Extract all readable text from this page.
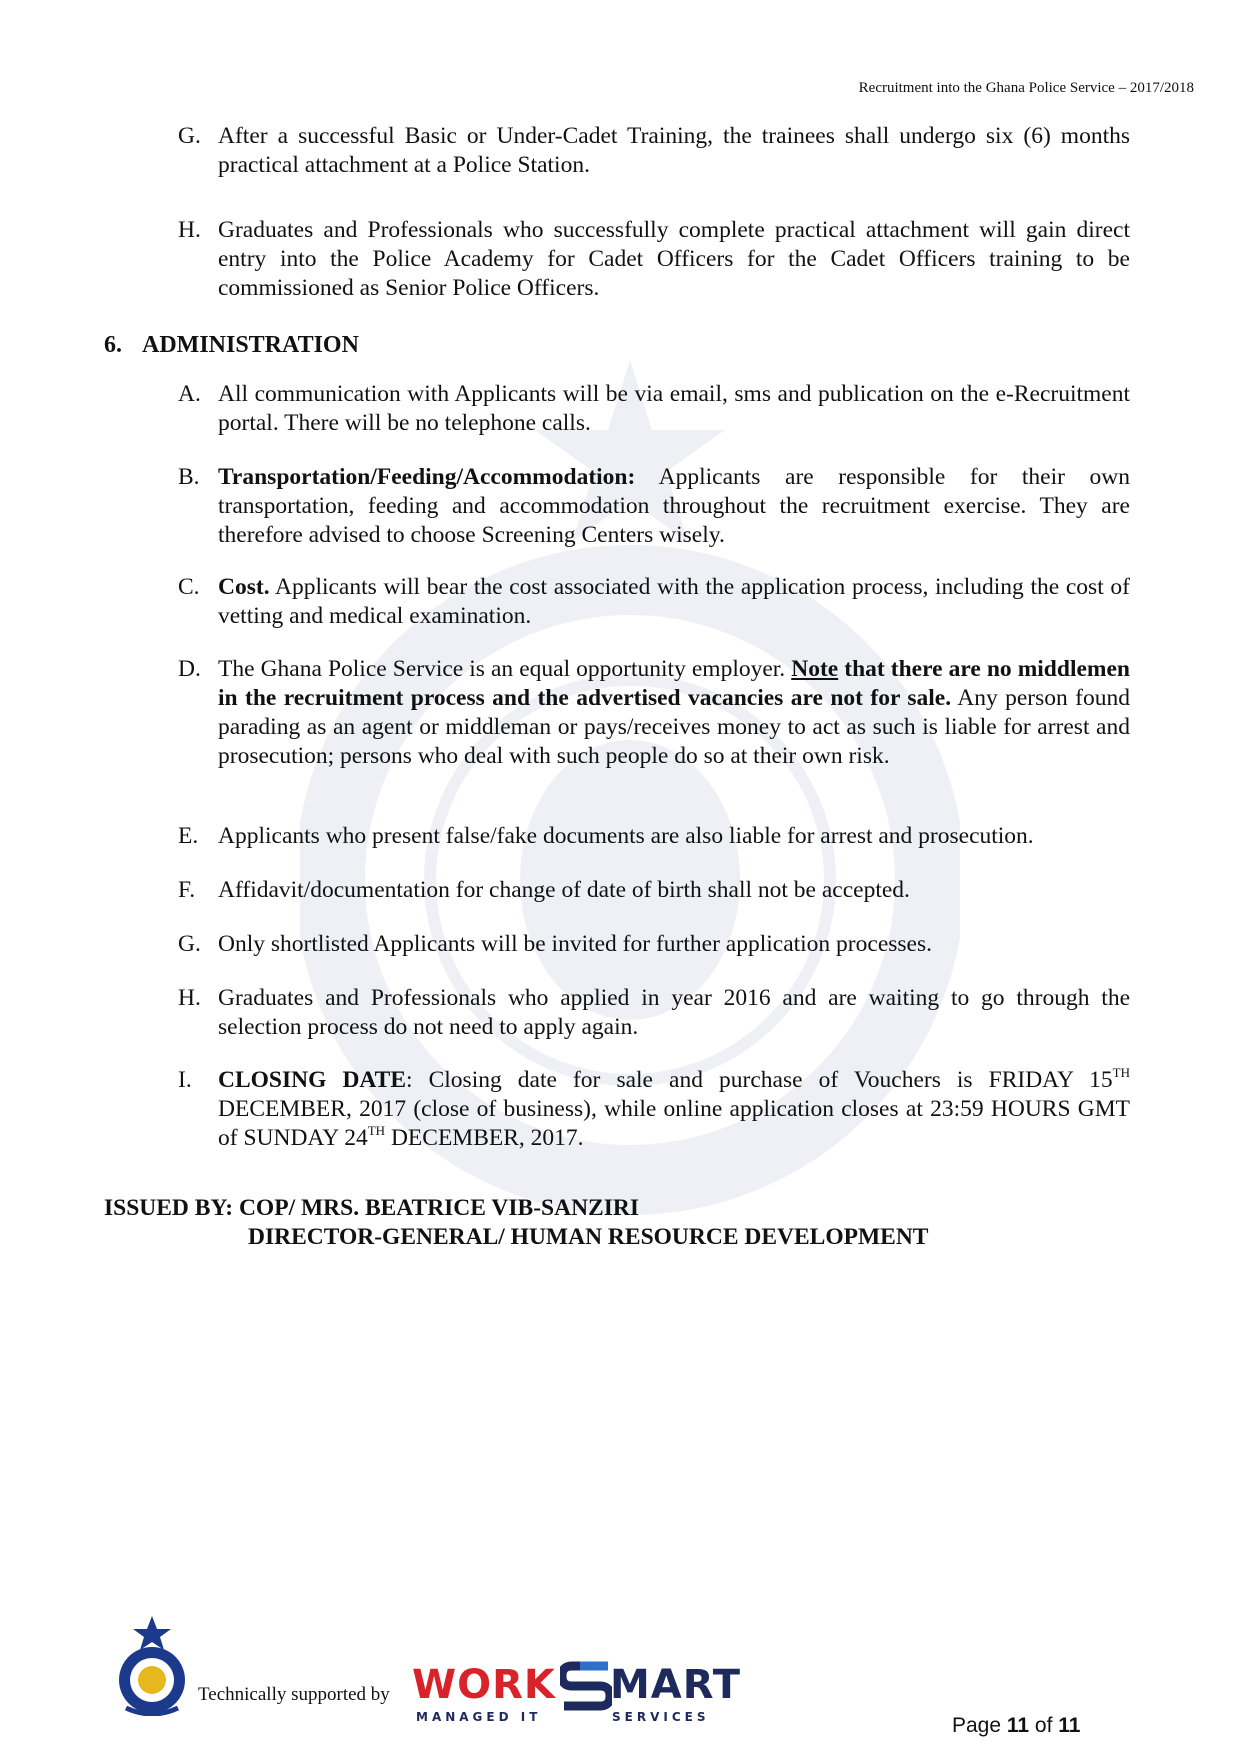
Recruitment into the Ghana Police Service – 2017/2018
G. After a successful Basic or Under-Cadet Training, the trainees shall undergo six (6) months practical attachment at a Police Station.
H. Graduates and Professionals who successfully complete practical attachment will gain direct entry into the Police Academy for Cadet Officers for the Cadet Officers training to be commissioned as Senior Police Officers.
6. ADMINISTRATION
A. All communication with Applicants will be via email, sms and publication on the e-Recruitment portal. There will be no telephone calls.
B. Transportation/Feeding/Accommodation: Applicants are responsible for their own transportation, feeding and accommodation throughout the recruitment exercise. They are therefore advised to choose Screening Centers wisely.
C. Cost. Applicants will bear the cost associated with the application process, including the cost of vetting and medical examination.
D. The Ghana Police Service is an equal opportunity employer. Note that there are no middlemen in the recruitment process and the advertised vacancies are not for sale. Any person found parading as an agent or middleman or pays/receives money to act as such is liable for arrest and prosecution; persons who deal with such people do so at their own risk.
E. Applicants who present false/fake documents are also liable for arrest and prosecution.
F. Affidavit/documentation for change of date of birth shall not be accepted.
G. Only shortlisted Applicants will be invited for further application processes.
H. Graduates and Professionals who applied in year 2016 and are waiting to go through the selection process do not need to apply again.
I. CLOSING DATE: Closing date for sale and purchase of Vouchers is FRIDAY 15TH DECEMBER, 2017 (close of business), while online application closes at 23:59 HOURS GMT of SUNDAY 24TH DECEMBER, 2017.
ISSUED BY: COP/ MRS. BEATRICE VIB-SANZIRI
DIRECTOR-GENERAL/ HUMAN RESOURCE DEVELOPMENT
Technically supported by WORK MART
MANAGED IT	SERVICES	Page 11 of 11
